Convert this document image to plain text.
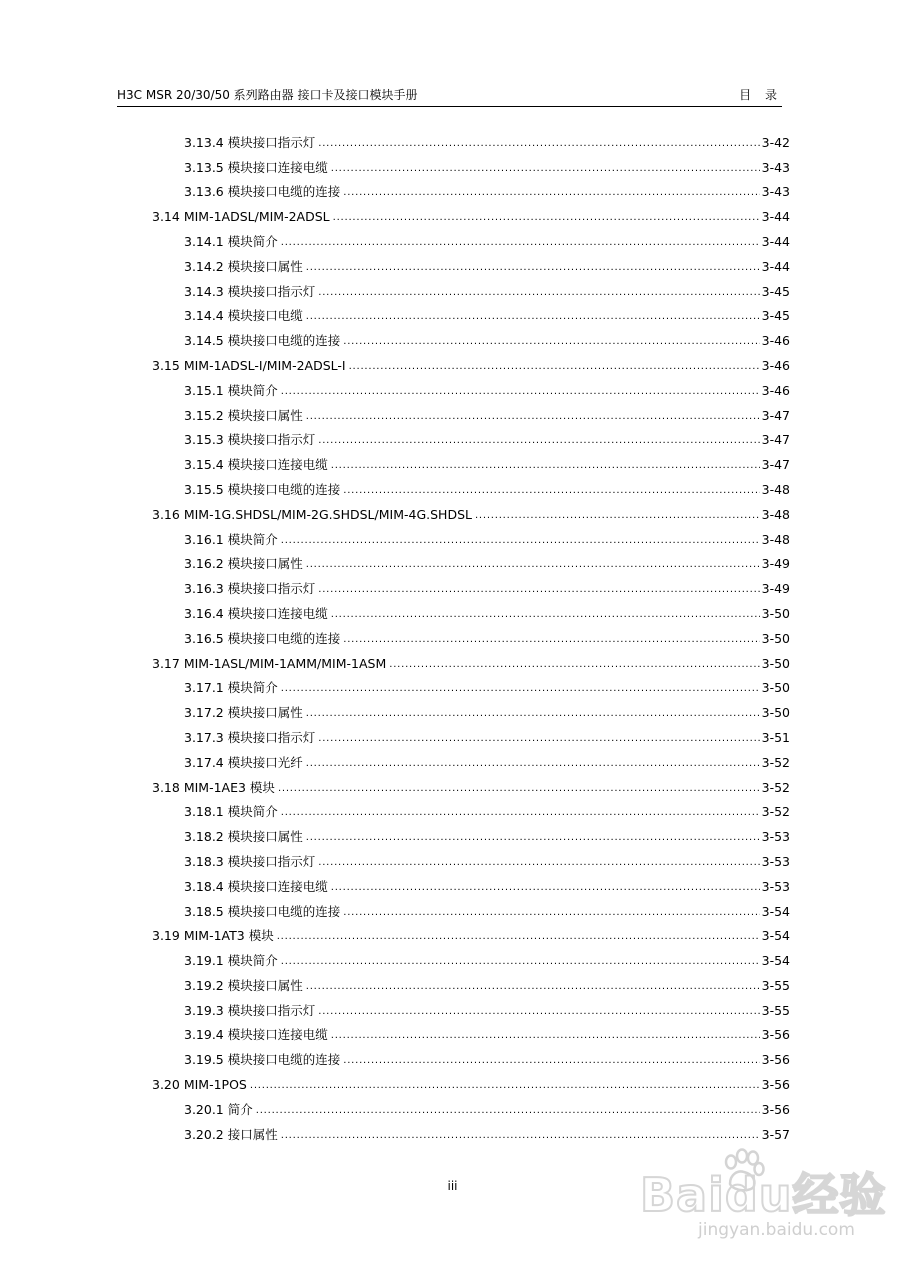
H3C MSR 20/30/50 系列路由器 接口卡及接口模块手册	目 录
3.13.4 模块接口指示灯 . . .	3-42
3.13.5 模块接口连接电缆 . . .	3-43
3.13.6 模块接口电缆的连接 . . .	3-43
3.14 MIM-1ADSL/MIM-2ADSL . . .	3-44
3.14.1 模块简介 . . .	3-44
3.14.2 模块接口属性 . . .	3-44
3.14.3 模块接口指示灯 . . .	3-45
3.14.4 模块接口电缆 . . .	3-45
3.14.5 模块接口电缆的连接 . . .	3-46
3.15 MIM-1ADSL-I/MIM-2ADSL-I . . .	3-46
3.15.1 模块简介 . . .	3-46
3.15.2 模块接口属性 . . .	3-47
3.15.3 模块接口指示灯 . . .	3-47
3.15.4 模块接口连接电缆 . . .	3-47
3.15.5 模块接口电缆的连接 . . .	3-48
3.16 MIM-1G.SHDSL/MIM-2G.SHDSL/MIM-4G.SHDSL . . .	3-48
3.16.1 模块简介 . . .	3-48
3.16.2 模块接口属性 . . .	3-49
3.16.3 模块接口指示灯 . . .	3-49
3.16.4 模块接口连接电缆 . . .	3-50
3.16.5 模块接口电缆的连接 . . .	3-50
3.17 MIM-1ASL/MIM-1AMM/MIM-1ASM . . .	3-50
3.17.1 模块简介 . . .	3-50
3.17.2 模块接口属性 . . .	3-50
3.17.3 模块接口指示灯 . . .	3-51
3.17.4 模块接口光纤 . . .	3-52
3.18 MIM-1AE3 模块 . . .	3-52
3.18.1 模块简介 . . .	3-52
3.18.2 模块接口属性 . . .	3-53
3.18.3 模块接口指示灯 . . .	3-53
3.18.4 模块接口连接电缆 . . .	3-53
3.18.5 模块接口电缆的连接 . . .	3-54
3.19 MIM-1AT3 模块 . . .	3-54
3.19.1 模块简介 . . .	3-54
3.19.2 模块接口属性 . . .	3-55
3.19.3 模块接口指示灯 . . .	3-55
3.19.4 模块接口连接电缆 . . .	3-56
3.19.5 模块接口电缆的连接 . . .	3-56
3.20 MIM-1POS . . .	3-56
3.20.1 简介 . . .	3-56
3.20.2 接口属性 . . .	3-57
iii	Baidu经验
jingyan.baidu.com
